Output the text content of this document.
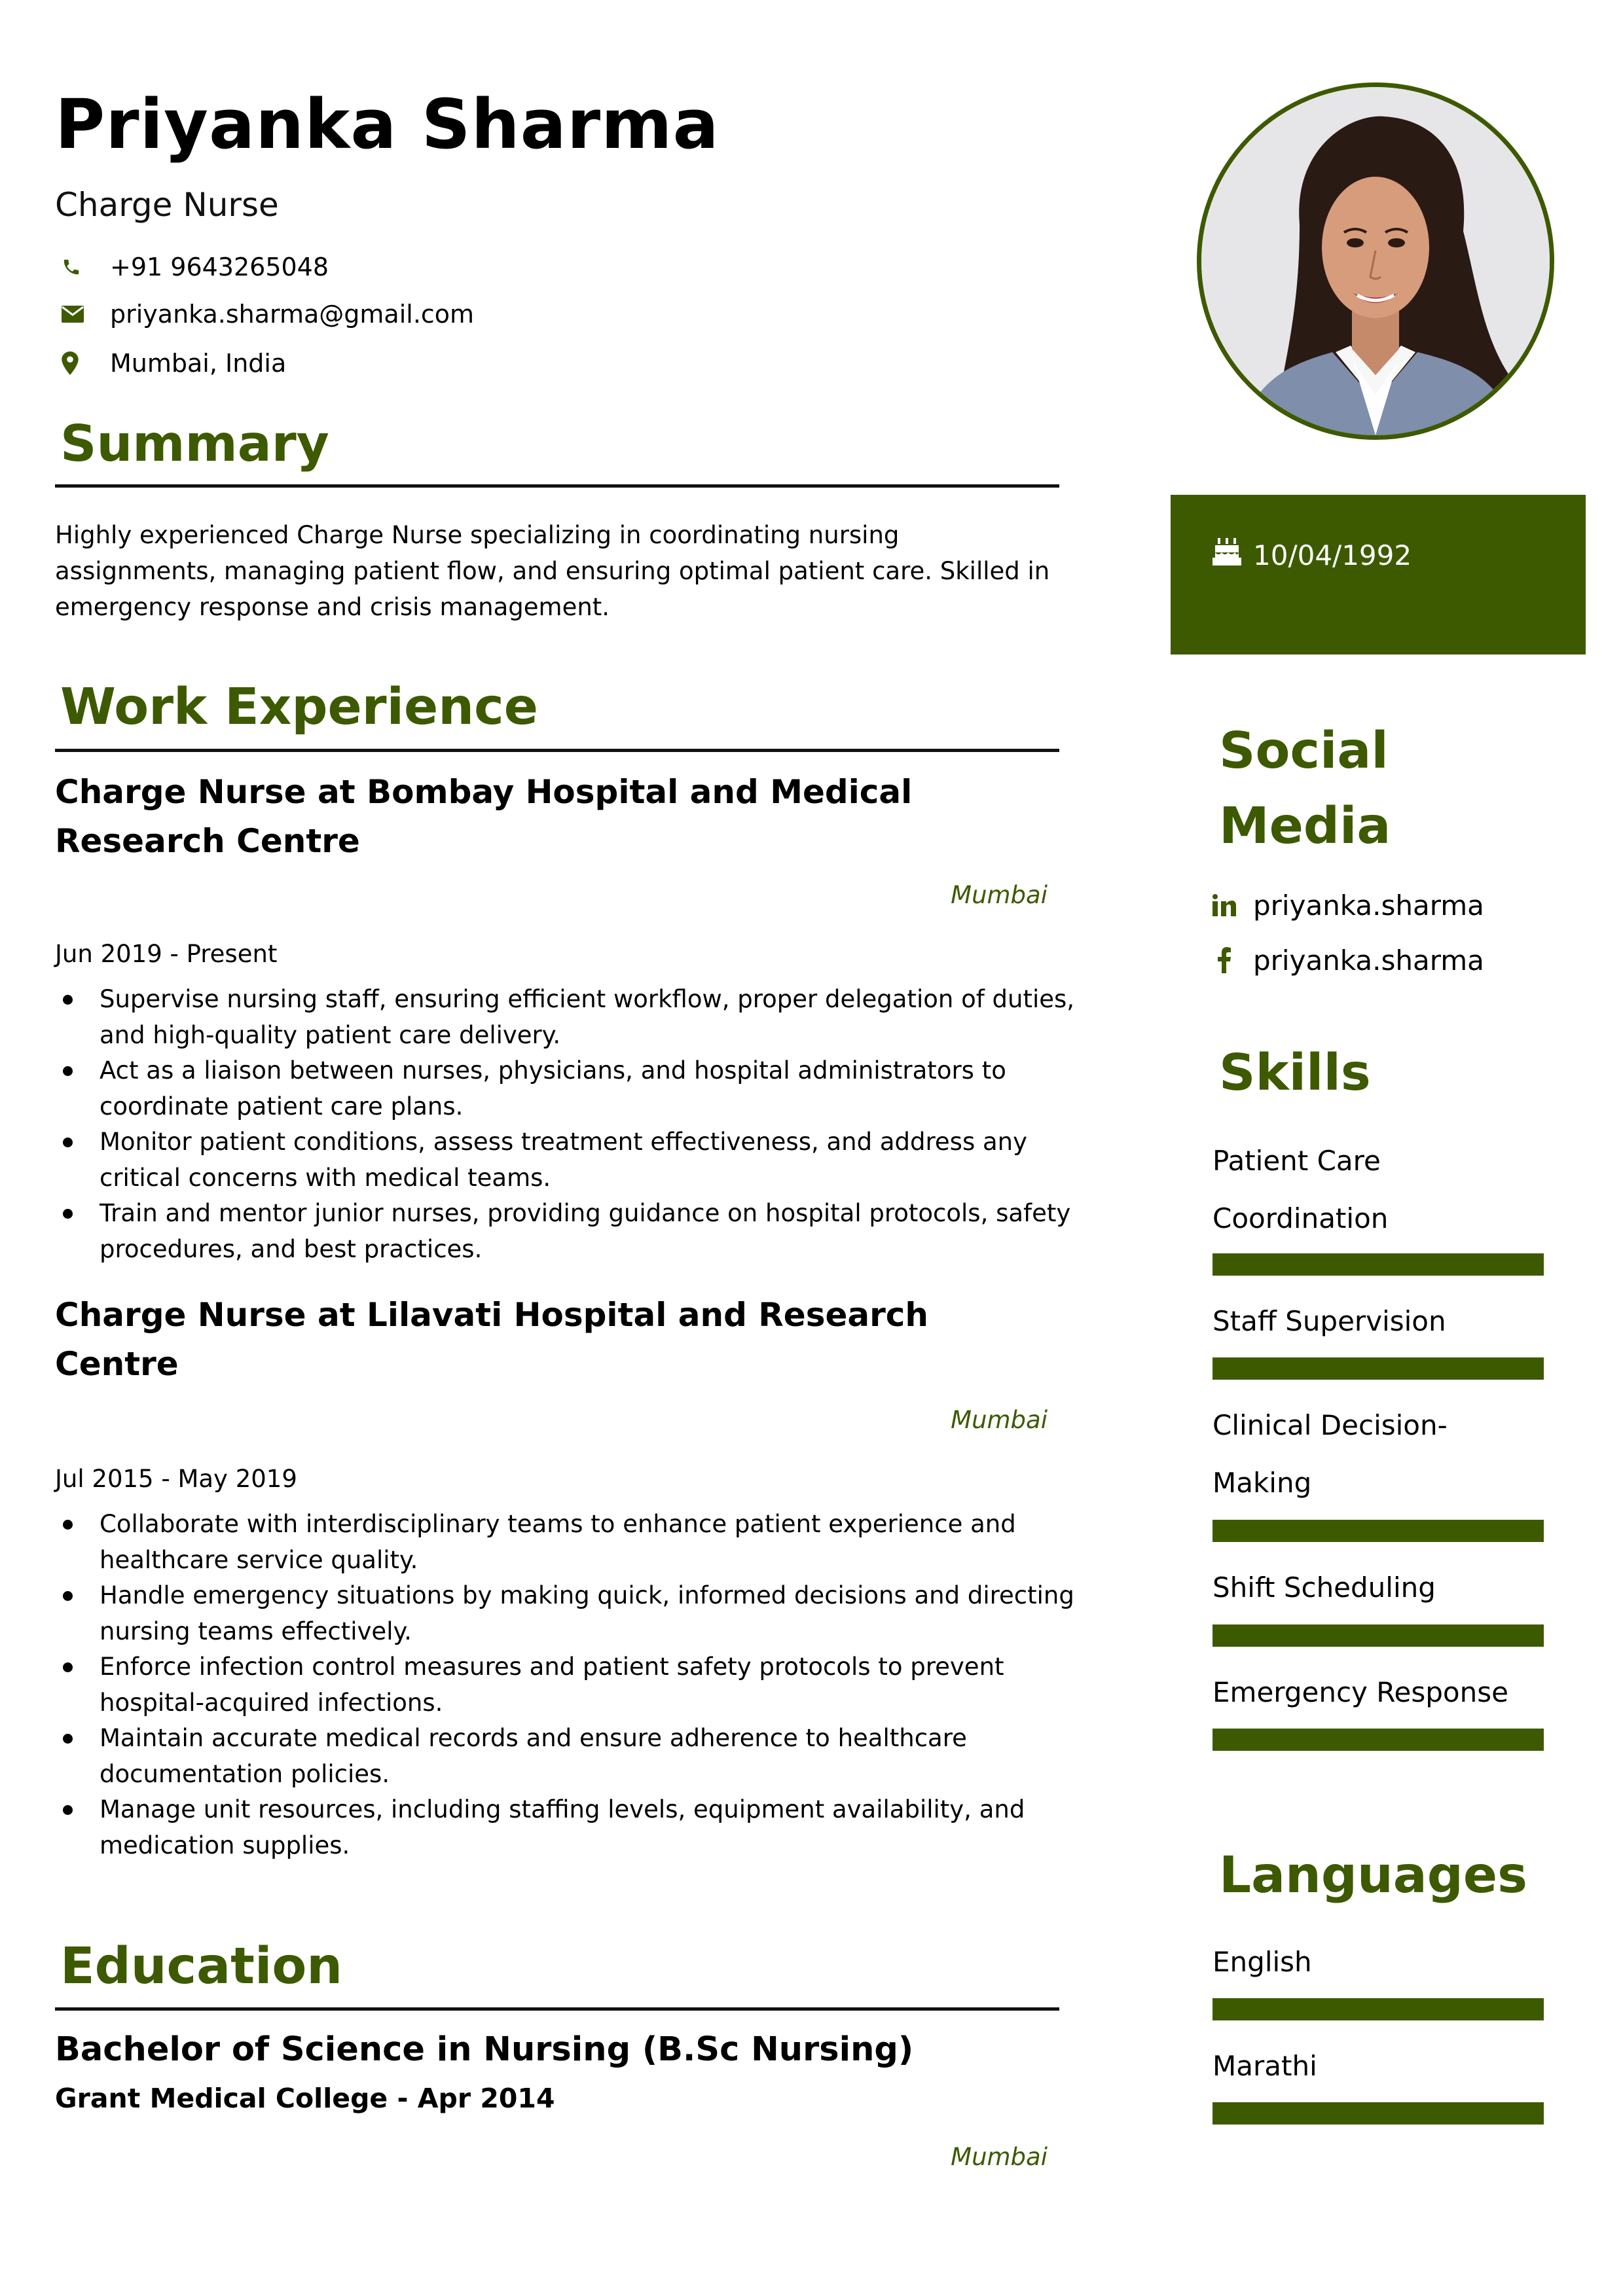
Priyanka Sharma
Charge Nurse
+91 9643265048
priyanka.sharma@gmail.com
Mumbai, India
Summary
Highly experienced Charge Nurse specializing in coordinating nursing assignments, managing patient flow, and ensuring optimal patient care. Skilled in emergency response and crisis management.
Work Experience
Charge Nurse at Bombay Hospital and Medical Research Centre
Mumbai
Jun 2019 - Present
Supervise nursing staff, ensuring efficient workflow, proper delegation of duties, and high-quality patient care delivery.
Act as a liaison between nurses, physicians, and hospital administrators to coordinate patient care plans.
Monitor patient conditions, assess treatment effectiveness, and address any critical concerns with medical teams.
Train and mentor junior nurses, providing guidance on hospital protocols, safety procedures, and best practices.
Charge Nurse at Lilavati Hospital and Research Centre
Mumbai
Jul 2015 - May 2019
Collaborate with interdisciplinary teams to enhance patient experience and healthcare service quality.
Handle emergency situations by making quick, informed decisions and directing nursing teams effectively.
Enforce infection control measures and patient safety protocols to prevent hospital-acquired infections.
Maintain accurate medical records and ensure adherence to healthcare documentation policies.
Manage unit resources, including staffing levels, equipment availability, and medication supplies.
Education
Bachelor of Science in Nursing (B.Sc Nursing)
Grant Medical College - Apr 2014
Mumbai
10/04/1992
Social Media
priyanka.sharma
priyanka.sharma
Skills
Patient Care Coordination
Staff Supervision
Clinical Decision-Making
Shift Scheduling
Emergency Response
Languages
English
Marathi
